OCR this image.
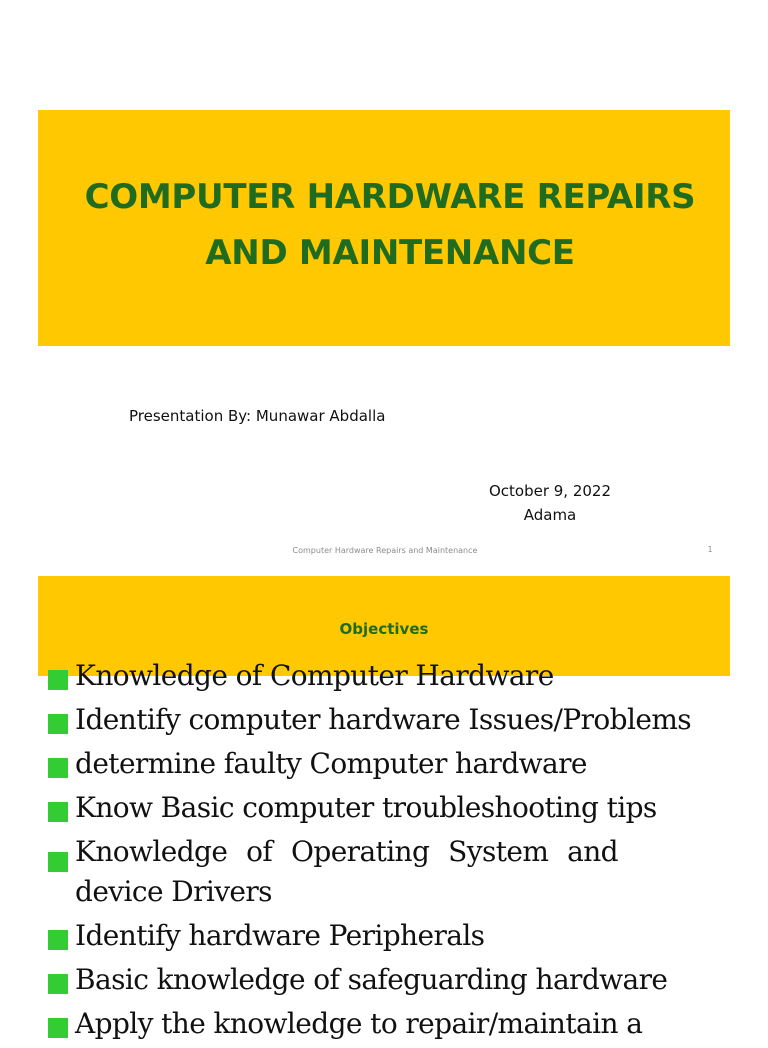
COMPUTER HARDWARE REPAIRS AND MAINTENANCE

Presentation By: Munawar Abdalla

October 9, 2022
Adama
Computer Hardware Repairs and Maintenance	1
Objectives
Knowledge of Computer Hardware
Identify computer hardware Issues/Problems
determine faulty Computer hardware
Know Basic computer troubleshooting tips
Knowledge of Operating System and
device Drivers
Identify hardware Peripherals
Basic knowledge of safeguarding hardware
Apply the knowledge to repair/maintain a
